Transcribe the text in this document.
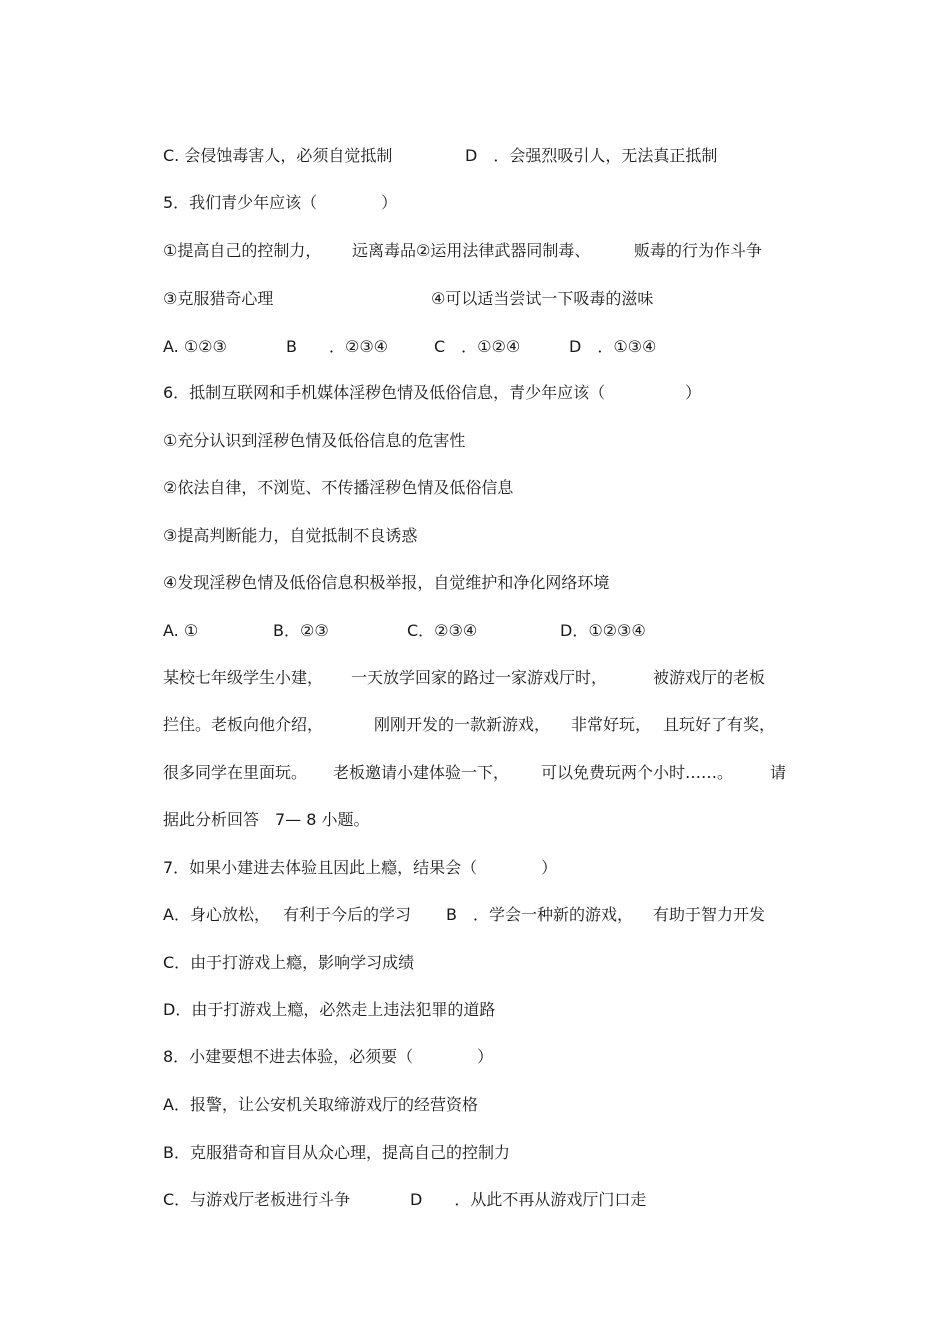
C. 会侵蚀毒害人，必须自觉抵制

	D　．会强烈吸引人，无法真正抵制

5．我们青少年应该（　　　　）

①提高自己的控制力，

远离毒品②运用法律武器同制毒、

	贩毒的行为作斗争

③克服猎奇心理

	④可以适当尝试一下吸毒的滋味

A. ①②③

	B　　．②③④

	C　．①②④

	D　．①③④

6．抵制互联网和手机媒体淫秽色情及低俗信息，青少年应该（　　　　　）
①充分认识到淫秽色情及低俗信息的危害性
②依法自律，不浏览、不传播淫秽色情及低俗信息
③提高判断能力，自觉抵制不良诱惑
④发现淫秽色情及低俗信息积极举报，自觉维护和净化网络环境

A. ①

	B．②③

	C．②③④

	D．①②③④

某校七年级学生小建，

一天放学回家的路过一家游戏厅时，

	被游戏厅的老板

拦住。老板向他介绍，

	刚刚开发的一款新游戏，

非常好玩，

且玩好了有奖，

很多同学在里面玩。

老板邀请小建体验一下，

可以免费玩两个小时……。

请

据此分析回答　7— 8 小题。
7．如果小建进去体验且因此上瘾，结果会（　　　　）

A．身心放松，

有利于今后的学习

B　．学会一种新的游戏，

有助于智力开发

C．由于打游戏上瘾，影响学习成绩
D．由于打游戏上瘾，必然走上违法犯罪的道路
8．小建要想不进去体验，必须要（　　　　）
A．报警，让公安机关取缔游戏厅的经营资格
B．克服猎奇和盲目从众心理，提高自己的控制力

C．与游戏厅老板进行斗争

	D　　．从此不再从游戏厅门口走
